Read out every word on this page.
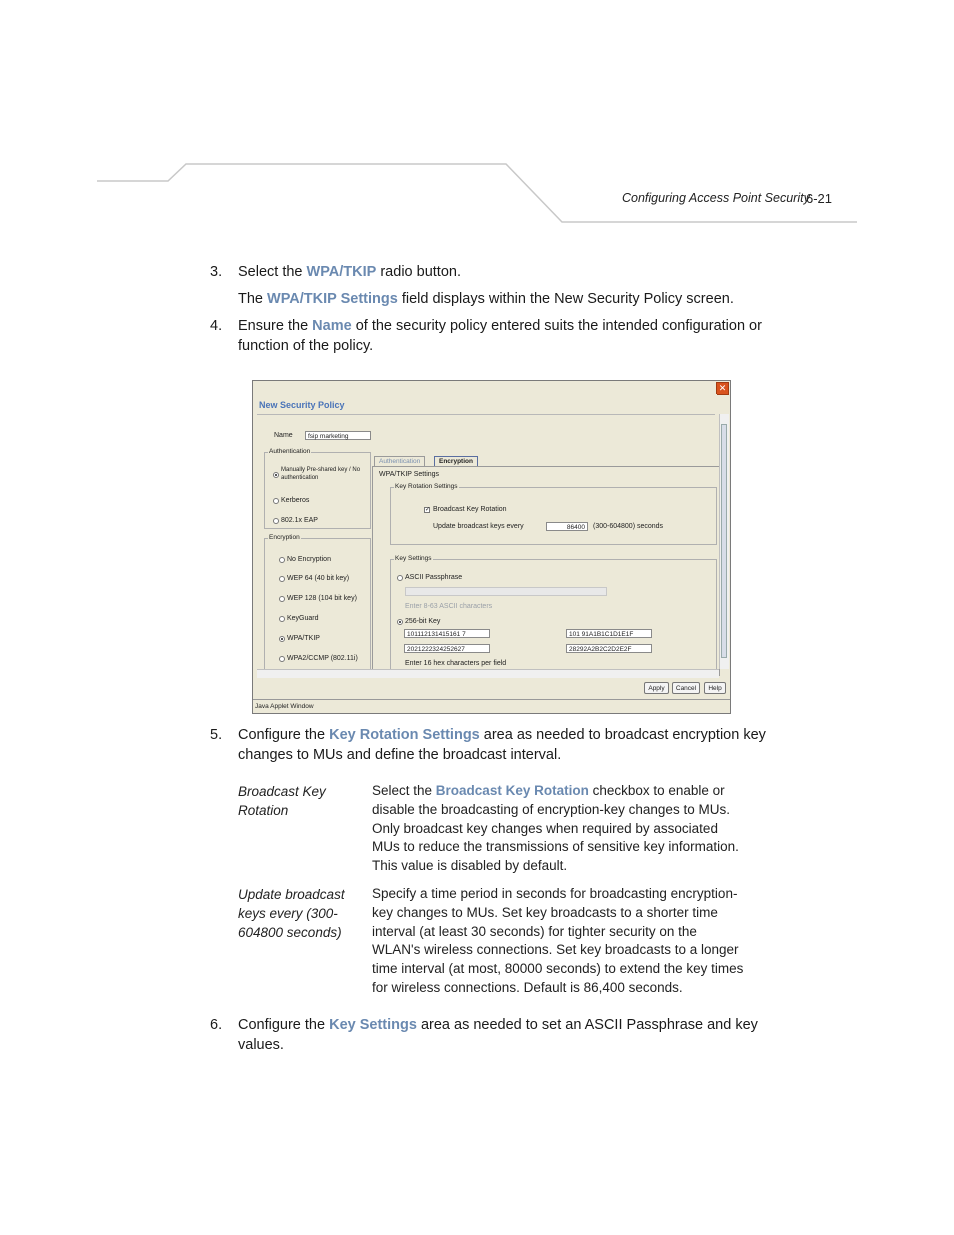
Configuring Access Point Security
6-21
3. Select the WPA/TKIP radio button.
The WPA/TKIP Settings field displays within the New Security Policy screen.
4. Ensure the Name of the security policy entered suits the intended configuration or function of the policy.
✕
New Security Policy
Name	fsip marketing
Authentication
Manually Pre-shared key / No authentication
Kerberos
802.1x EAP
Encryption
No Encryption
WEP 64 (40 bit key)
WEP 128 (104 bit key)
KeyGuard
WPA/TKIP
WPA2/CCMP (802.11i)
Authentication	Encryption
WPA/TKIP Settings
Key Rotation Settings
✓ Broadcast Key Rotation
Update broadcast keys every	86400	(300-604800) seconds
Key Settings
ASCII Passphrase
Enter 8-63 ASCII characters
256-bit Key
101112131415161 7	101 91A1B1C1D1E1F
2021222324252627	28292A2B2C2D2E2F
Enter 16 hex characters per field
Apply	Cancel	Help
Java Applet Window
5. Configure the Key Rotation Settings area as needed to broadcast encryption key changes to MUs and define the broadcast interval.
Broadcast Key Rotation
Select the Broadcast Key Rotation checkbox to enable or disable the broadcasting of encryption-key changes to MUs. Only broadcast key changes when required by associated MUs to reduce the transmissions of sensitive key information. This value is disabled by default.
Update broadcast keys every (300-604800 seconds)
Specify a time period in seconds for broadcasting encryption-key changes to MUs. Set key broadcasts to a shorter time interval (at least 30 seconds) for tighter security on the WLAN's wireless connections. Set key broadcasts to a longer time interval (at most, 80000 seconds) to extend the key times for wireless connections. Default is 86,400 seconds.
6. Configure the Key Settings area as needed to set an ASCII Passphrase and key values.
